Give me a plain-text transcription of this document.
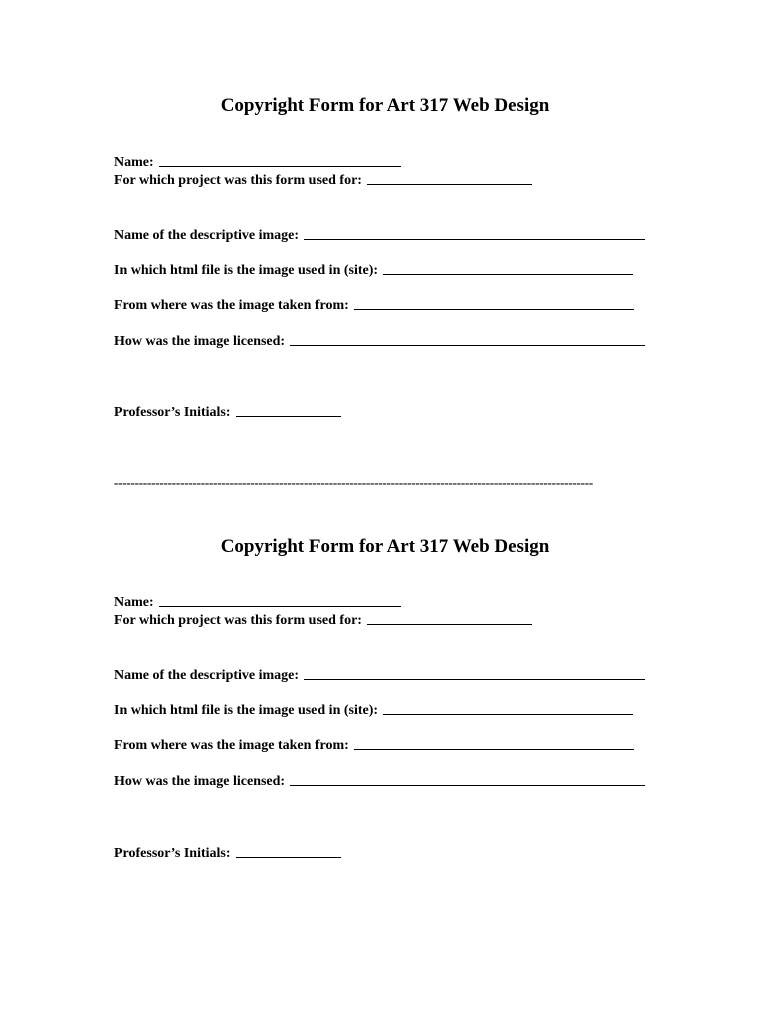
Copyright Form for Art 317 Web Design
Name:
For which project was this form used for:
Name of the descriptive image:
In which html file is the image used in (site):
From where was the image taken from:
How was the image licensed:
Professor’s Initials:
--------------------------------------------------------------------------------------------------------------------
Copyright Form for Art 317 Web Design
Name:
For which project was this form used for:
Name of the descriptive image:
In which html file is the image used in (site):
From where was the image taken from:
How was the image licensed:
Professor’s Initials:
